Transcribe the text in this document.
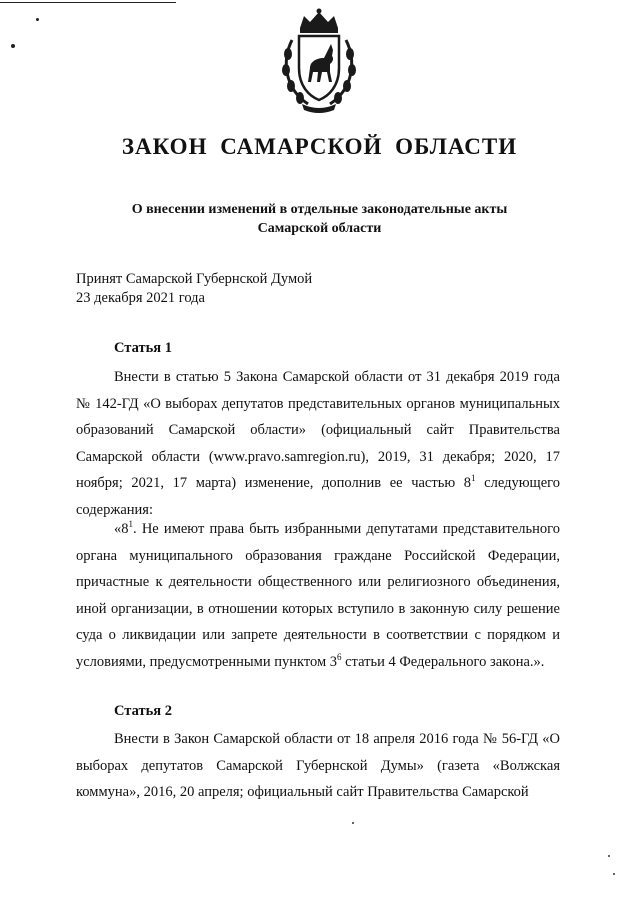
ЗАКОН САМАРСКОЙ ОБЛАСТИ
О внесении изменений в отдельные законодательные акты
Самарской области
Принят Самарской Губернской Думой
23 декабря 2021 года
Статья 1
Внести в статью 5 Закона Самарской области от 31 декабря 2019 года № 142-ГД «О выборах депутатов представительных органов муниципальных образований Самарской области» (официальный сайт Правительства Самарской области (www.pravo.samregion.ru), 2019, 31 декабря; 2020, 17 ноября; 2021, 17 марта) изменение, дополнив ее частью $8^1$ следующего содержания:
«$8^1$. Не имеют права быть избранными депутатами представительного органа муниципального образования граждане Российской Федерации, причастные к деятельности общественного или религиозного объединения, иной организации, в отношении которых вступило в законную силу решение суда о ликвидации или запрете деятельности в соответствии с порядком и условиями, предусмотренными пунктом $3^6$ статьи 4 Федерального закона.».
Статья 2
Внести в Закон Самарской области от 18 апреля 2016 года № 56-ГД «О выборах депутатов Самарской Губернской Думы» (газета «Волжская коммуна», 2016, 20 апреля; официальный сайт Правительства Самарской
